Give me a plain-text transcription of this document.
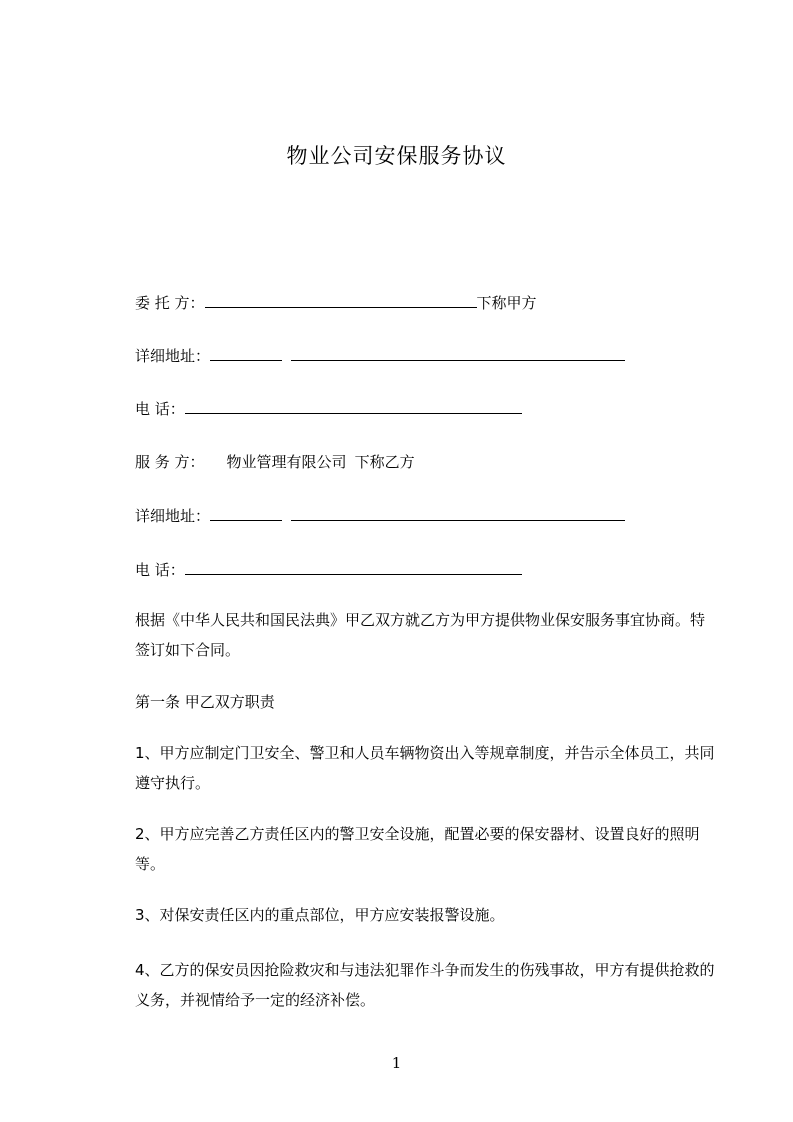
物业公司安保服务协议
委 托 方：	下称甲方
详细地址：
电 话：
服 务 方： 物业管理有限公司 下称乙方
详细地址：
电 话：
根据《中华人民共和国民法典》甲乙双方就乙方为甲方提供物业保安服务事宜协商。特签订如下合同。
第一条 甲乙双方职责
1、甲方应制定门卫安全、警卫和人员车辆物资出入等规章制度，并告示全体员工，共同遵守执行。
2、甲方应完善乙方责任区内的警卫安全设施，配置必要的保安器材、设置良好的照明等。
3、对保安责任区内的重点部位，甲方应安装报警设施。
4、乙方的保安员因抢险救灾和与违法犯罪作斗争而发生的伤残事故，甲方有提供抢救的义务，并视情给予一定的经济补偿。
1
